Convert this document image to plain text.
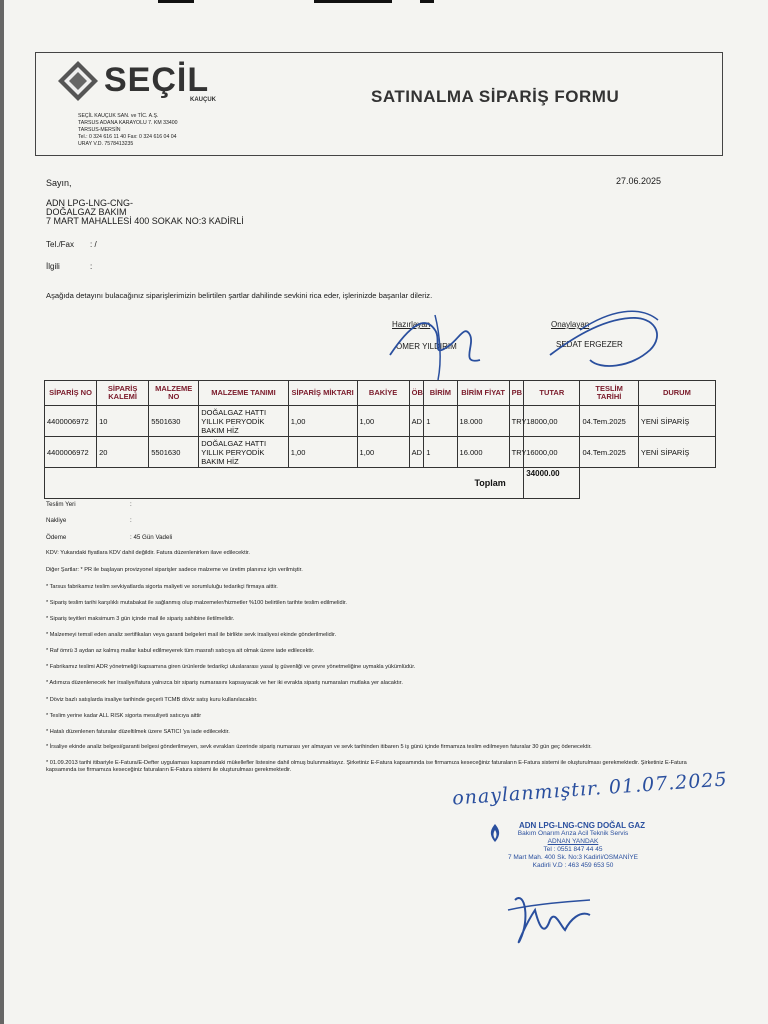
SEÇİL
KAUÇUK
SEÇİL KAUÇUK SAN. ve TİC. A.Ş.
TARSUS ADANA KARAYOLU 7. KM 33400
TARSUS-MERSİN
Tel.: 0 324 616 11 40 Fax: 0 324 616 04 04
URAY V.D. 7578413235
SATINALMA SİPARİŞ FORMU
Sayın,	27.06.2025
ADN LPG-LNG-CNG-
DOĞALGAZ BAKIM
7 MART MAHALLESİ 400 SOKAK NO:3 KADİRLİ
Tel./Fax : /
İlgili	:
Aşağıda detayını bulacağınız siparişlerimizin belirtilen şartlar dahilinde sevkini rica eder, işlerinizde başarılar dileriz.
Hazırlayan
ÖMER YILDIRIM
Onaylayan
SEDAT ERGEZER
SİPARİŞ NO	SİPARİŞ KALEMİ	MALZEME NO	MALZEME TANIMI	SİPARİŞ MİKTARI	BAKİYE	ÖB	BİRİM	BİRİM FİYAT	PB	TUTAR	TESLİM TARİHİ	DURUM
4400006972	10	5501630	DOĞALGAZ HATTI YILLIK PERYODİK BAKIM HİZ	1,00	1,00	AD	1	18.000	TRY	18000,00	04.Tem.2025	YENİ SİPARİŞ
4400006972	20	5501630	DOĞALGAZ HATTI YILLIK PERYODİK BAKIM HİZ	1,00	1,00	AD	1	16.000	TRY	16000,00	04.Tem.2025	YENİ SİPARİŞ
								Toplam		34000.00		
Teslim Yeri	:
Nakliye	:
Ödeme	: 45 Gün Vadeli
KDV: Yukarıdaki fiyatlara KDV dahil değildir. Fatura düzenlenirken ilave edilecektir.
Diğer Şartlar: * PR ile başlayan provizyonel siparişler sadece malzeme ve üretim planınız için verilmiştir.
* Tarsus fabrikamız teslim sevkiyatlarda sigorta maliyeti ve sorumluluğu tedarikçi firmaya aittir.
* Sipariş teslim tarihi karşılıklı mutabakat ile sağlanmış olup malzemeler/hizmetler %100 belirtilen tarihte teslim edilmelidir.
* Sipariş teyitleri maksimum 3 gün içinde mail ile sipariş sahibine iletilmelidir.
* Malzemeyi temsil eden analiz sertifikaları veya garanti belgeleri mail ile birlikte sevk irsaliyesi ekinde gönderilmelidir.
* Raf ömrü 3 aydan az kalmış mallar kabul edilmeyerek tüm masrafı satıcıya ait olmak üzere iade edilecektir.
* Fabrikamız teslimi ADR yönetmeliği kapsamına giren ürünlerde tedarikçi uluslararası yasal iş güvenliği ve çevre yönetmeliğine uymakla yükümlüdür.
* Adımıza düzenlenecek her irsaliye/fatura yalnızca bir sipariş numarasını kapsayacak ve her iki evrakta sipariş numaraları mutlaka yer alacaktır.
* Döviz bazlı satışlarda irsaliye tarihinde geçerli TCMB döviz satış kuru kullanılacaktır.
* Teslim yerine kadar ALL RISK sigorta mesuliyeti satıcıya aittir
* Hatalı düzenlenen faturalar düzeltilmek üzere SATICI 'ya iade edilecektir.
* İrsaliye ekinde analiz belgesi/garanti belgesi gönderilmeyen, sevk evrakları üzerinde sipariş numarası yer almayan ve sevk tarihinden itibaren 5 iş günü içinde firmamıza teslim edilmeyen faturalar 30 gün geç ödenecektir.
* 01.09.2013 tarihi itibariyle E-Fatura/E-Defter uygulaması kapsamındaki mükellefler listesine dahil olmuş bulunmaktayız. Şirketiniz E-Fatura kapsamında ise firmamıza keseceğiniz faturaların E-Fatura sistemi ile oluşturulması gerekmektedir. Şirketiniz E-Fatura kapsamında ise firmamıza keseceğiniz faturaların E-Fatura sistemi ile oluşturulması gerekmektedir.	onaylanmıştır. 01.07.2025
ADN LPG-LNG-CNG DOĞAL GAZ
Bakım Onarım Arıza Acil Teknik Servis
ADNAN YANDAK
Tel : 0551 847 44 45
7 Mart Mah. 400 Sk. No:3 Kadirli/OSMANİYE
Kadirli V.D : 463 459 653 50
